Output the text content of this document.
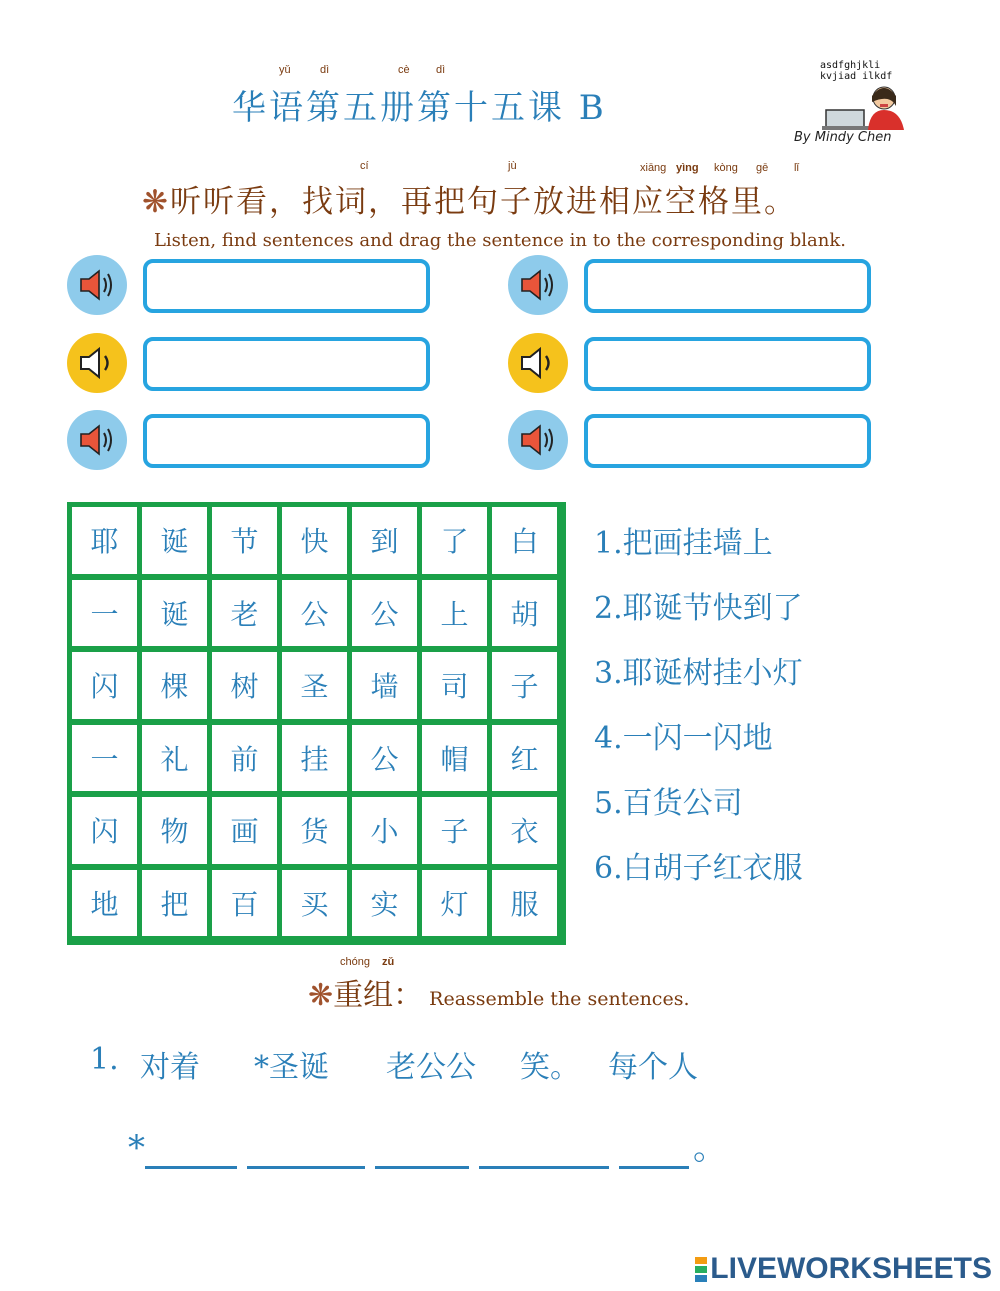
yǔ	dì	cè dì
华语第五册第十五课 B
asdfghjkli kvjiad ilkdf
By Mindy Chen
cí	jù	xiāng yìng kòng gē lǐ
❋听听看，找词，再把句子放进相应空格里。
Listen, find sentences and drag the sentence in to the corresponding blank.
耶	诞	节	快	到	了	白
一	诞	老	公	公	上	胡
闪	棵	树	圣	墙	司	子
一	礼	前	挂	公	帽	红
闪	物	画	货	小	子	衣
地	把	百	买	实	灯	服
1.把画挂墙上
2.耶诞节快到了
3.耶诞树挂小灯
4.一闪一闪地
5.百货公司
6.白胡子红衣服
chóng zǔ
❋重组： Reassemble the sentences.
1. 对着 *圣诞 老公公 笑。 每个人
*	。
LIVEWORKSHEETS
